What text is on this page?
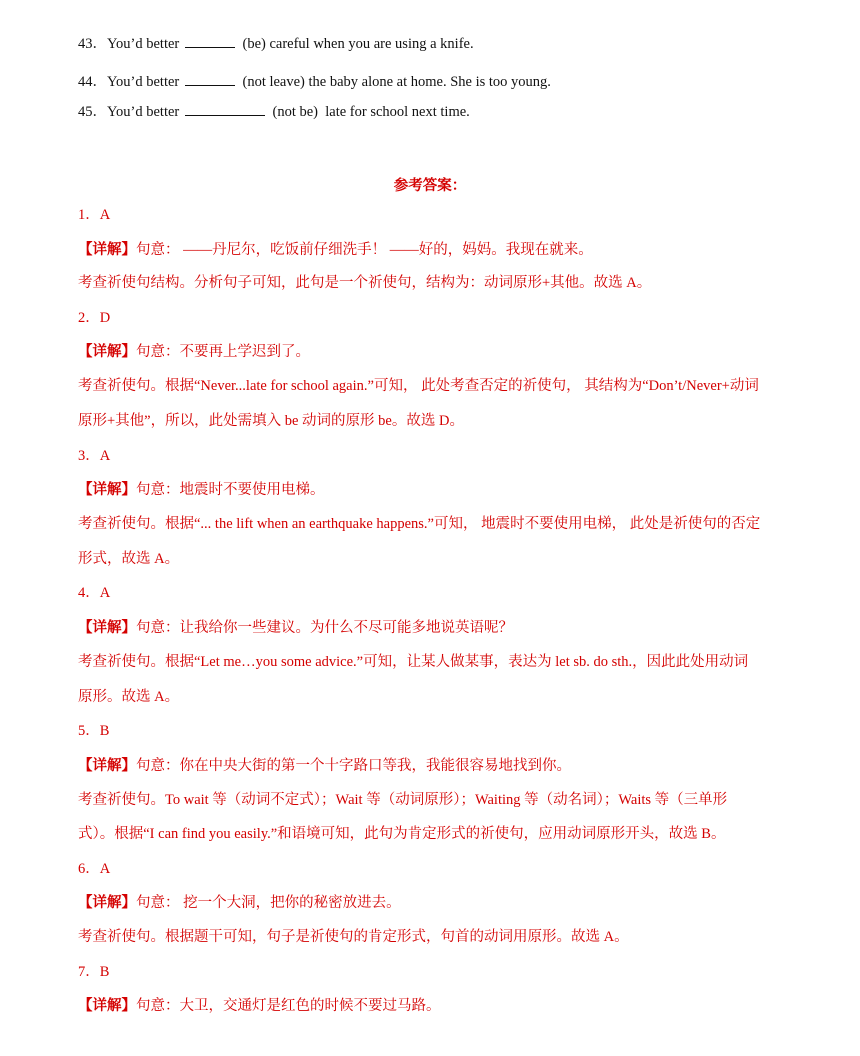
43．You’d better	(be) careful when you are using a knife.
44．You’d better	(not leave) the baby alone at home. She is too young.
45．You’d better	(not be)  late for school next time.
参考答案：
1．A
【详解】句意： ——丹尼尔，吃饭前仔细洗手！ ——好的，妈妈。我现在就来。
考查祈使句结构。分析句子可知，此句是一个祈使句，结构为：动词原形+其他。故选 A。
2．D
【详解】句意：不要再上学迟到了。
考查祈使句。根据“Never...late for school again.”可知， 此处考查否定的祈使句， 其结构为“Don’t/Never+动词
原形+其他”，所以，此处需填入 be 动词的原形 be。故选 D。
3．A
【详解】句意：地震时不要使用电梯。
考查祈使句。根据“... the lift when an earthquake happens.”可知， 地震时不要使用电梯， 此处是祈使句的否定
形式，故选 A。
4．A
【详解】句意：让我给你一些建议。为什么不尽可能多地说英语呢？
考查祈使句。根据“Let me…you some advice.”可知，让某人做某事，表达为 let sb. do sth.，因此此处用动词
原形。故选 A。
5．B
【详解】句意：你在中央大街的第一个十字路口等我，我能很容易地找到你。
考查祈使句。To wait 等（动词不定式）；Wait 等（动词原形）；Waiting 等（动名词）；Waits 等（三单形
式）。根据“I can find you easily.”和语境可知，此句为肯定形式的祈使句，应用动词原形开头，故选 B。
6．A
【详解】句意： 挖一个大洞，把你的秘密放进去。
考查祈使句。根据题干可知，句子是祈使句的肯定形式，句首的动词用原形。故选 A。
7．B
【详解】句意：大卫，交通灯是红色的时候不要过马路。
